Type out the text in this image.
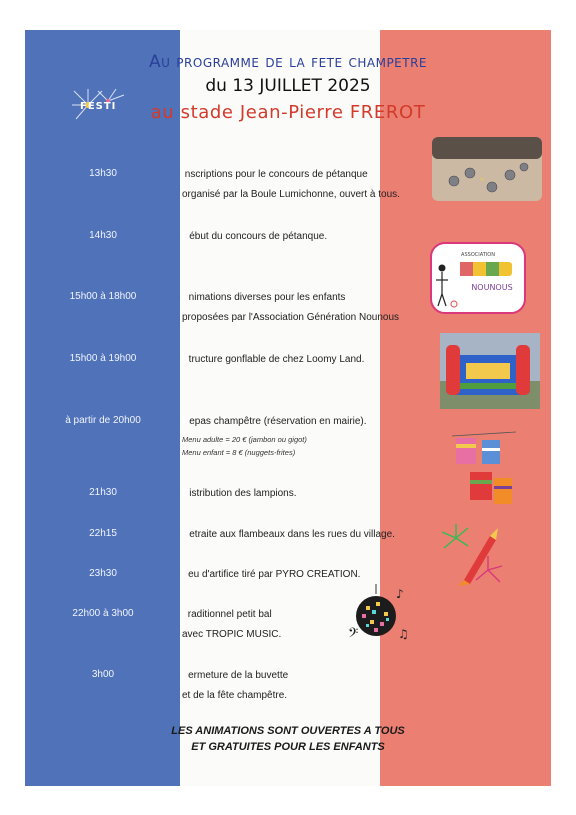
Au programme de la fete champetre
du 13 JUILLET 2025
au stade Jean-Pierre FREROT
FESTI
13h30	Inscriptions pour le concours de pétanque
organisé par la Boule Lumichonne, ouvert à tous.
14h30	Début du concours de pétanque.
15h00 à 18h00	Animations diverses pour les enfants
proposées par l'Association Génération Nounous
15h00 à 19h00	Structure gonflable de chez Loomy Land.
à partir de 20h00	Repas champêtre (réservation en mairie).
Menu adulte = 20 € (jambon ou gigot)
Menu enfant = 8 € (nuggets-frites)
21h30	Distribution des lampions.
22h15	Retraite aux flambeaux dans les rues du village.
23h30	Feu d'artifice tiré par PYRO CREATION.
22h00 à 3h00	Traditionnel petit bal
avec TROPIC MUSIC.
3h00	Fermeture de la buvette
et de la fête champêtre.
ASSOCIATION
NOUNOUS
𝄢
♪
♫
LES ANIMATIONS SONT OUVERTES A TOUS
ET GRATUITES POUR LES ENFANTS
